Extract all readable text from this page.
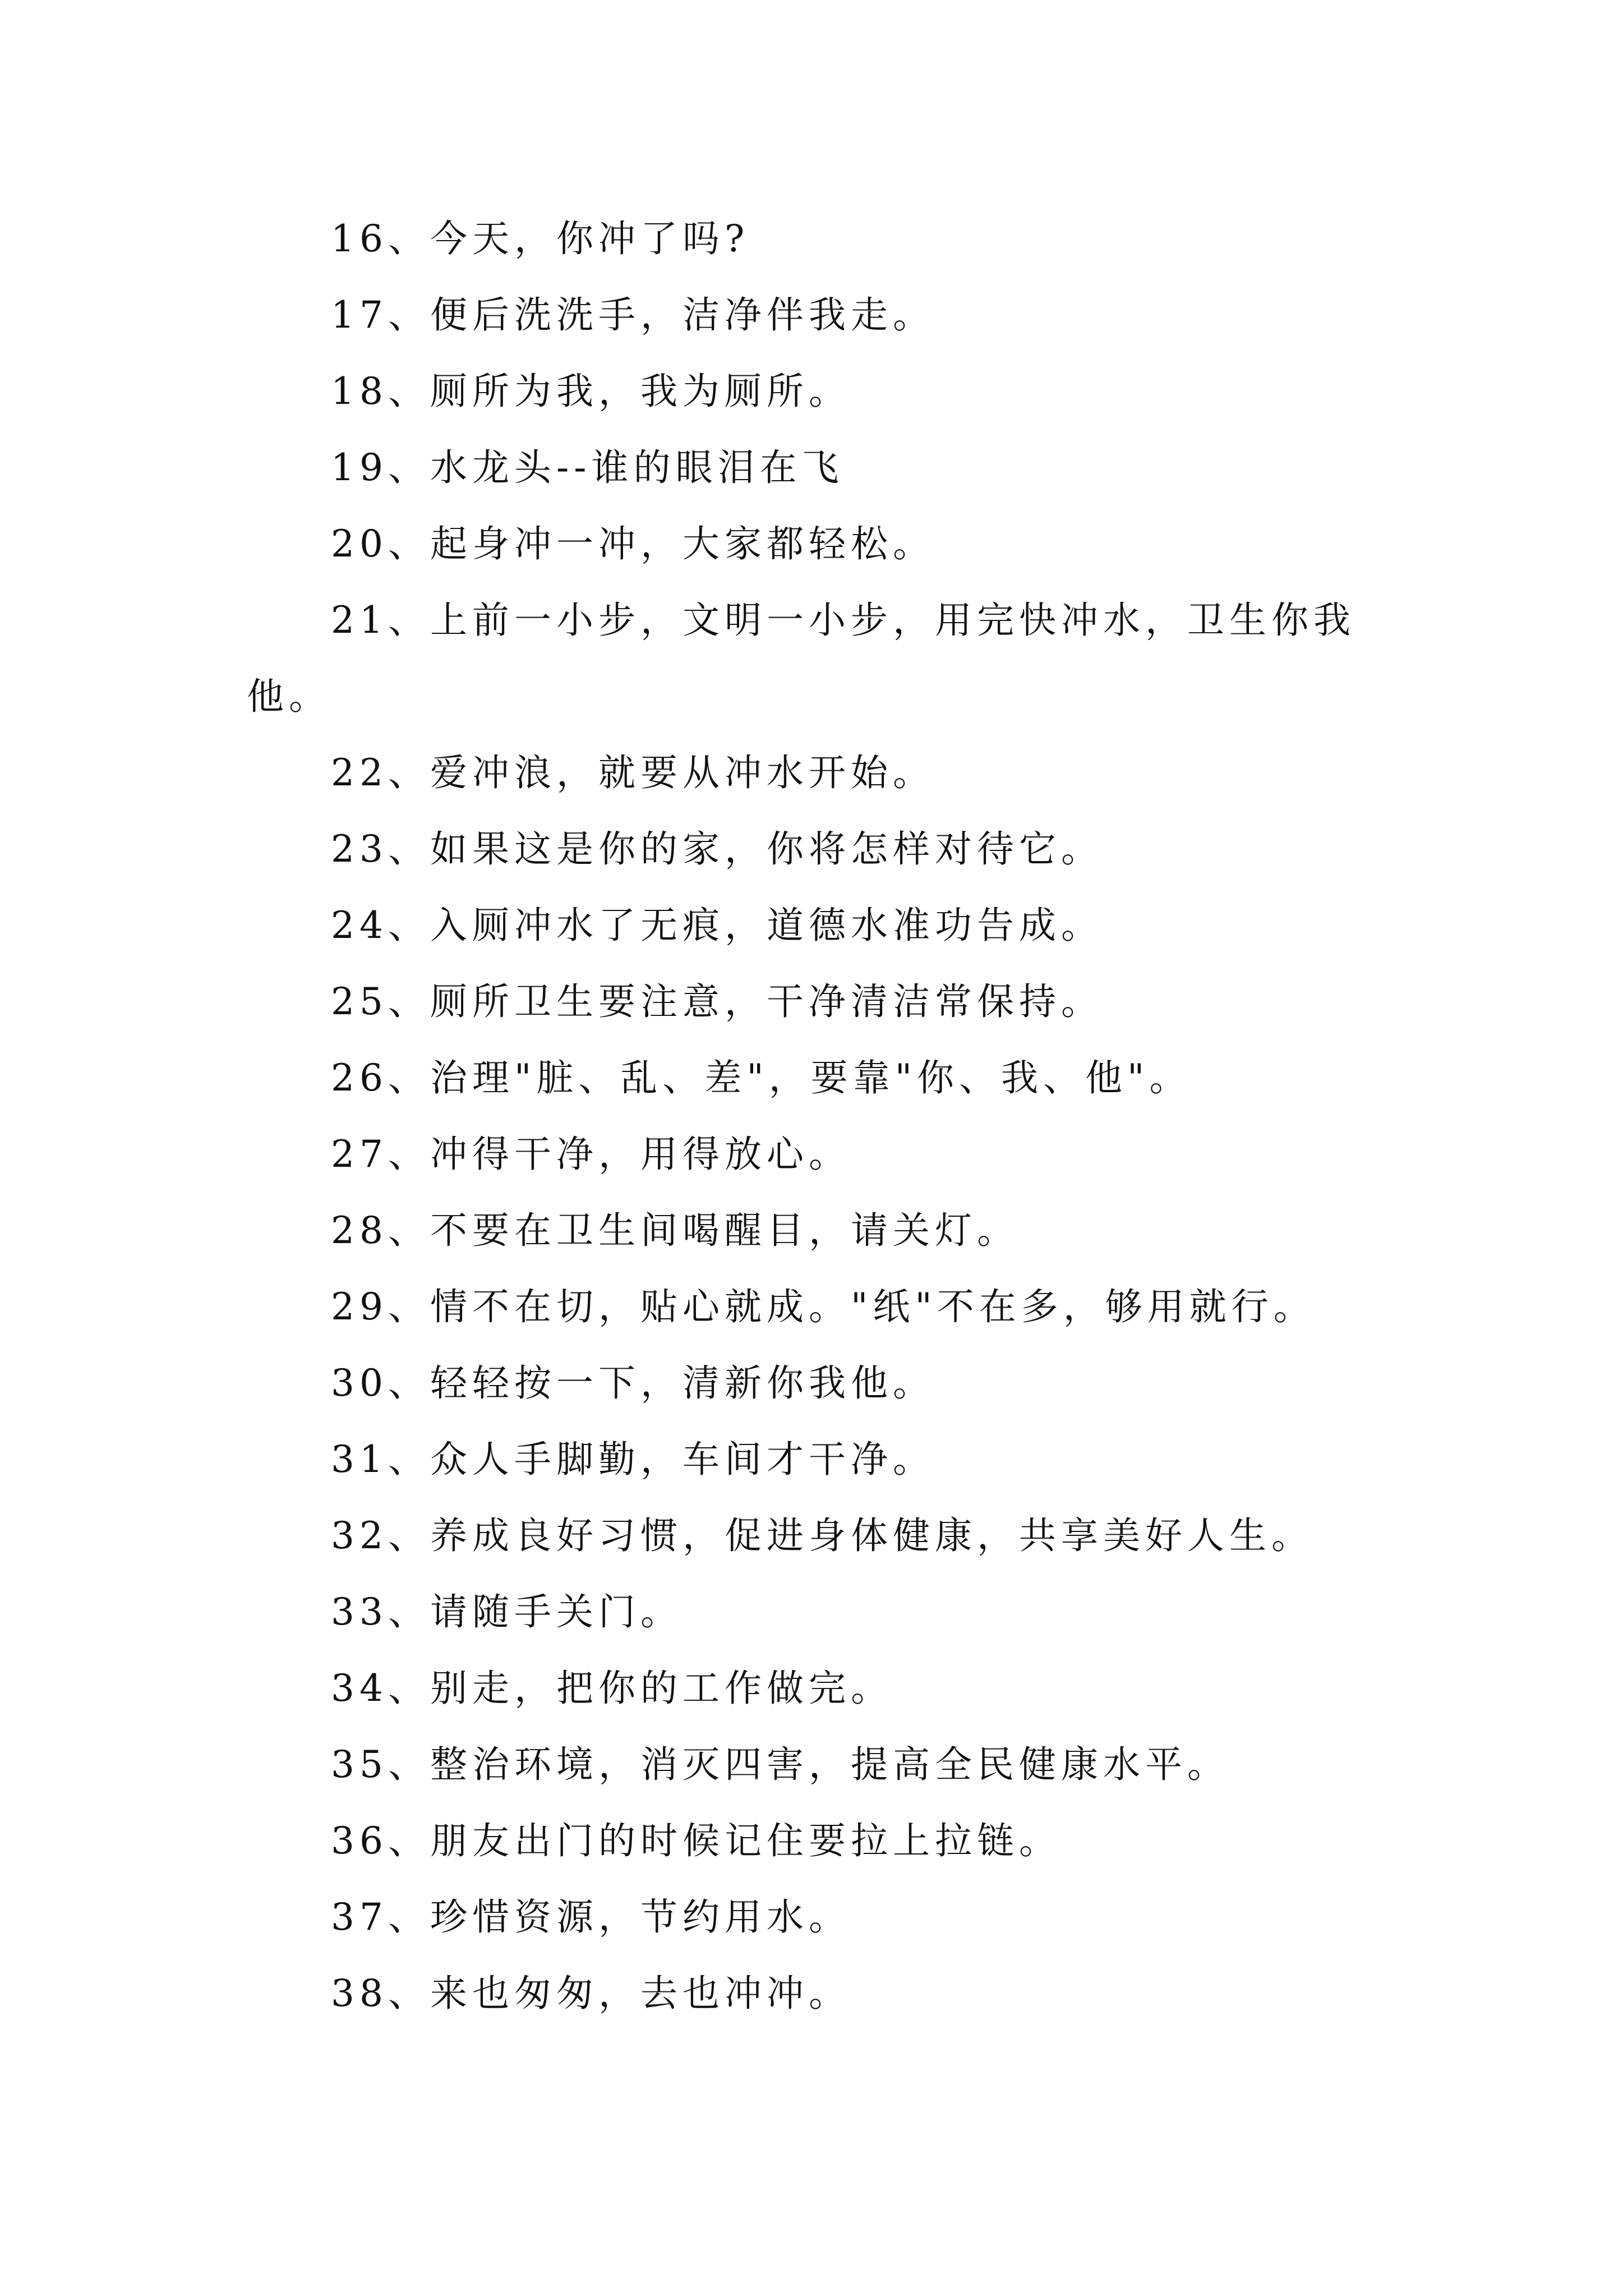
16、今天，你冲了吗?

17、便后洗洗手，洁净伴我走。

18、厕所为我，我为厕所。

19、水龙头--谁的眼泪在飞

20、起身冲一冲，大家都轻松。

21、上前一小步，文明一小步，用完快冲水，卫生你我他。

22、爱冲浪，就要从冲水开始。

23、如果这是你的家，你将怎样对待它。

24、入厕冲水了无痕，道德水准功告成。

25、厕所卫生要注意，干净清洁常保持。

26、治理"脏、乱、差"，要靠"你、我、他"。

27、冲得干净，用得放心。

28、不要在卫生间喝醒目，请关灯。

29、情不在切，贴心就成。"纸"不在多，够用就行。

30、轻轻按一下，清新你我他。

31、众人手脚勤，车间才干净。

32、养成良好习惯，促进身体健康，共享美好人生。

33、请随手关门。

34、别走，把你的工作做完。

35、整治环境，消灭四害，提高全民健康水平。

36、朋友出门的时候记住要拉上拉链。

37、珍惜资源，节约用水。

38、来也匆匆，去也冲冲。
